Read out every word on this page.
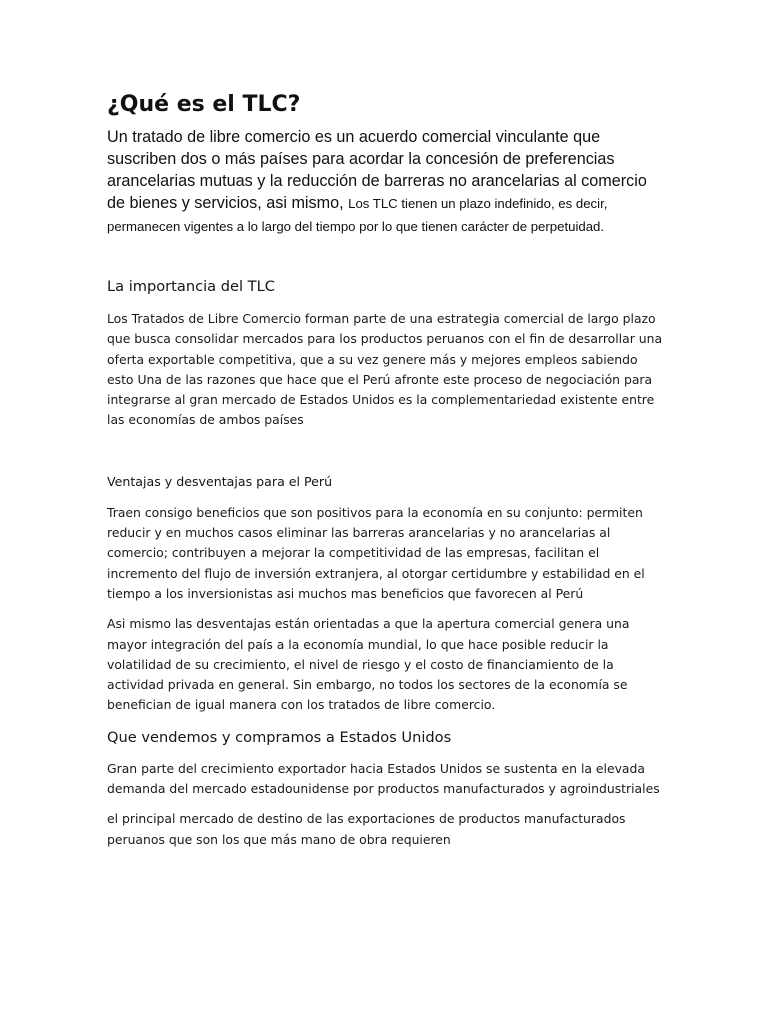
¿Qué es el TLC?

Un tratado de libre comercio es un acuerdo comercial vinculante que suscriben dos o más países para acordar la concesión de preferencias arancelarias mutuas y la reducción de barreras no arancelarias al comercio de bienes y servicios, asi mismo, Los TLC tienen un plazo indefinido, es decir, permanecen vigentes a lo largo del tiempo por lo que tienen carácter de perpetuidad.

La importancia del TLC

Los Tratados de Libre Comercio forman parte de una estrategia comercial de largo plazo que busca consolidar mercados para los productos peruanos con el fin de desarrollar una oferta exportable competitiva, que a su vez genere más y mejores empleos sabiendo esto Una de las razones que hace que el Perú afronte este proceso de negociación para integrarse al gran mercado de Estados Unidos es la complementariedad existente entre las economías de ambos países

Ventajas y desventajas para el Perú

Traen consigo beneficios que son positivos para la economía en su conjunto: permiten reducir y en muchos casos eliminar las barreras arancelarias y no arancelarias al comercio; contribuyen a mejorar la competitividad de las empresas, facilitan el incremento del flujo de inversión extranjera, al otorgar certidumbre y estabilidad en el tiempo a los inversionistas asi muchos mas beneficios que favorecen al Perú

Asi mismo las desventajas están orientadas a que la apertura comercial genera una mayor integración del país a la economía mundial, lo que hace posible reducir la volatilidad de su crecimiento, el nivel de riesgo y el costo de financiamiento de la actividad privada en general. Sin embargo, no todos los sectores de la economía se benefician de igual manera con los tratados de libre comercio.

Que vendemos y compramos a Estados Unidos

Gran parte del crecimiento exportador hacia Estados Unidos se sustenta en la elevada demanda del mercado estadounidense por productos manufacturados y agroindustriales

el principal mercado de destino de las exportaciones de productos manufacturados peruanos que son los que más mano de obra requieren
